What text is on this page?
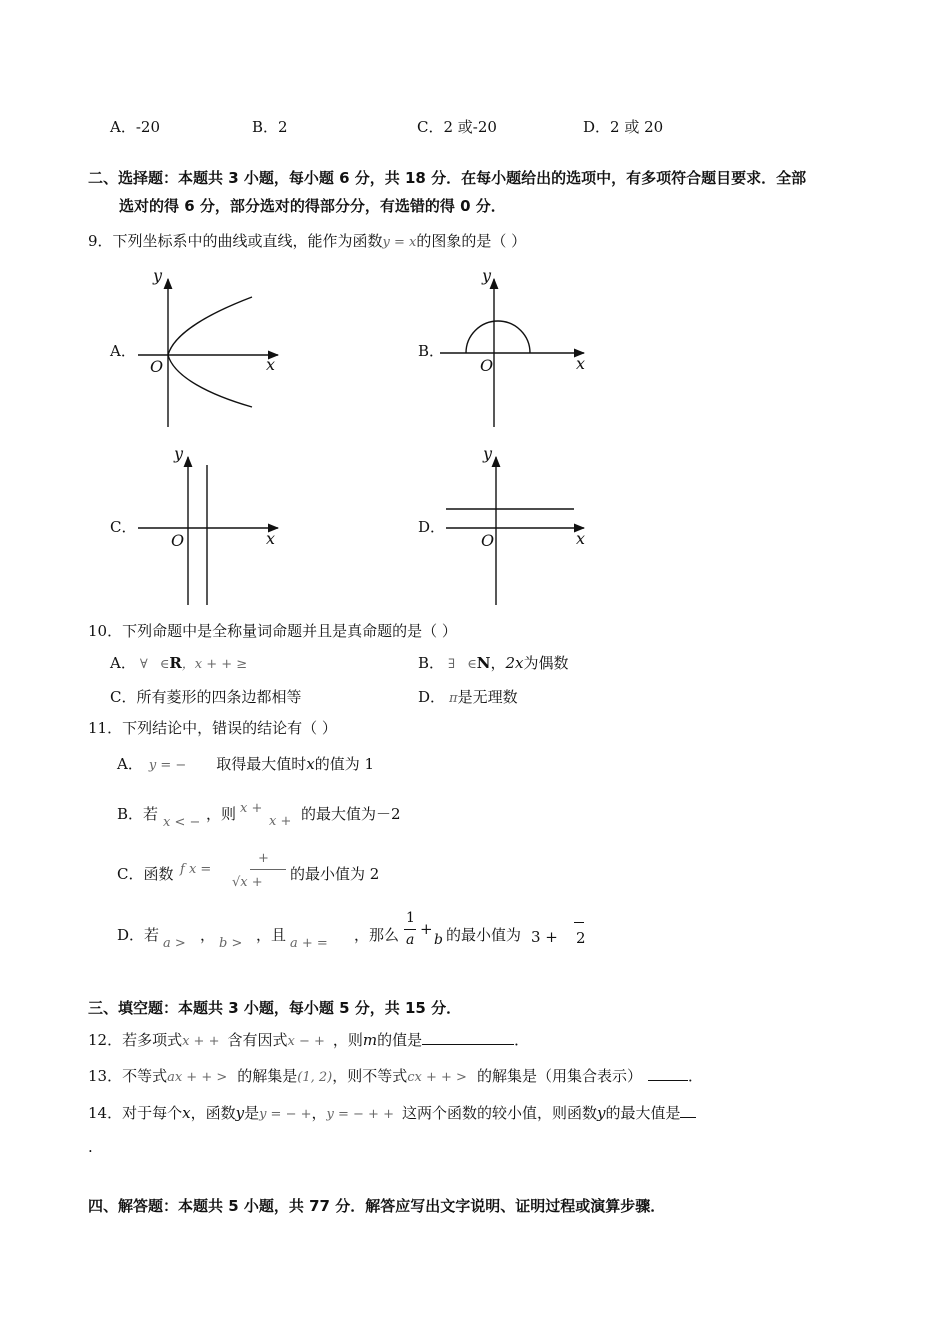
A．-20	B．2	C．2 或-20	D．2 或 20
二、选择题：本题共 3 小题，每小题 6 分，共 18 分．在每小题给出的选项中，有多项符合题目要求．全部
选对的得 6 分，部分选对的得部分分，有选错的得 0 分．
9．下列坐标系中的曲线或直线，能作为函数y = x的图象的是（ ）
A．
y
x
O
B．
y
x
O
C．
y
x
O
D．
y
x
O
10．下列命题中是全称量词命题并且是真命题的是（ ）
A． ∀ ∈R，x + + ≥	B． ∃ ∈N，2x为偶数
C．所有菱形的四条边都相等	D． π是无理数
11．下列结论中，错误的结论有（ ）
A． y = − 取得最大值时x的值为 1
B．若 x < − ，则 x +
x + 的最大值为－2
C．函数 f x =
+
√x + 的最小值为 2
D．若 a > ， b > ，且 a + = ，那么
1
a
+
b 的最小值为 3 + 2
三、填空题：本题共 3 小题，每小题 5 分，共 15 分．
12．若多项式x + + 含有因式x − + ，则m的值是	．
13．不等式ax + + > 的解集是(1, 2)，则不等式cx + + > 的解集是（用集合表示）	．
14．对于每个x，函数y是y = − +，y = − + + 这两个函数的较小值，则函数y的最大值是
.
四、解答题：本题共 5 小题，共 77 分．解答应写出文字说明、证明过程或演算步骤．
